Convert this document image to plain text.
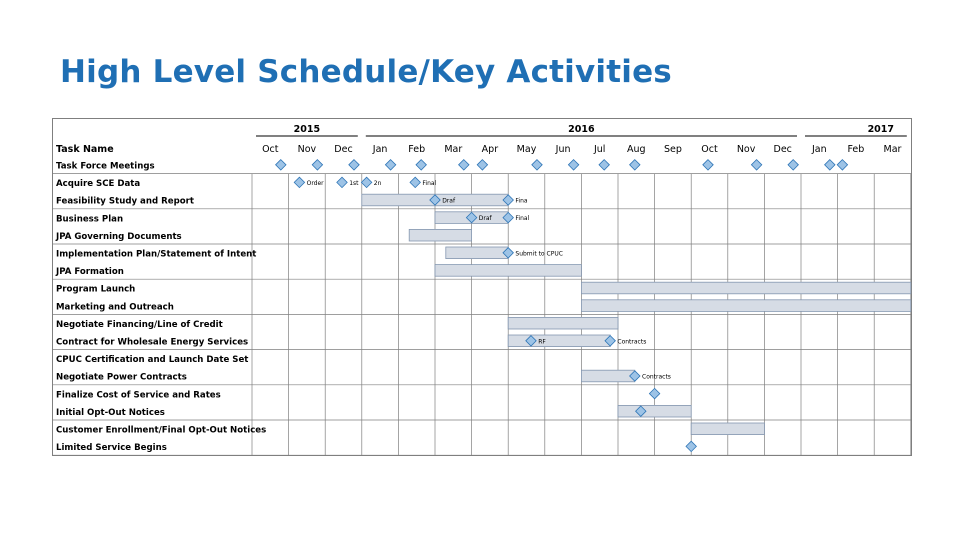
High Level Schedule/Key Activities
2015
Oct Nov Dec
2016
Jan Feb Mar Apr May Jun Jul Aug Sep Oct Nov Dec
2017
Jan Feb Mar
Task Name
Task Force Meetings
Acquire SCE Data	Order	1st	2n	Final
Feasibility Study and Report	Draf	Fina
Business Plan	Draf	Final
JPA Governing Documents
Implementation Plan/Statement of Intent	Submit to CPUC
JPA Formation
Program Launch
Marketing and Outreach
Negotiate Financing/Line of Credit
Contract for Wholesale Energy Services	RF	Contracts
CPUC Certification and Launch Date Set
Negotiate Power Contracts	Contracts
Finalize Cost of Service and Rates
Initial Opt-Out Notices
Customer Enrollment/Final Opt-Out Notices
Limited Service Begins
